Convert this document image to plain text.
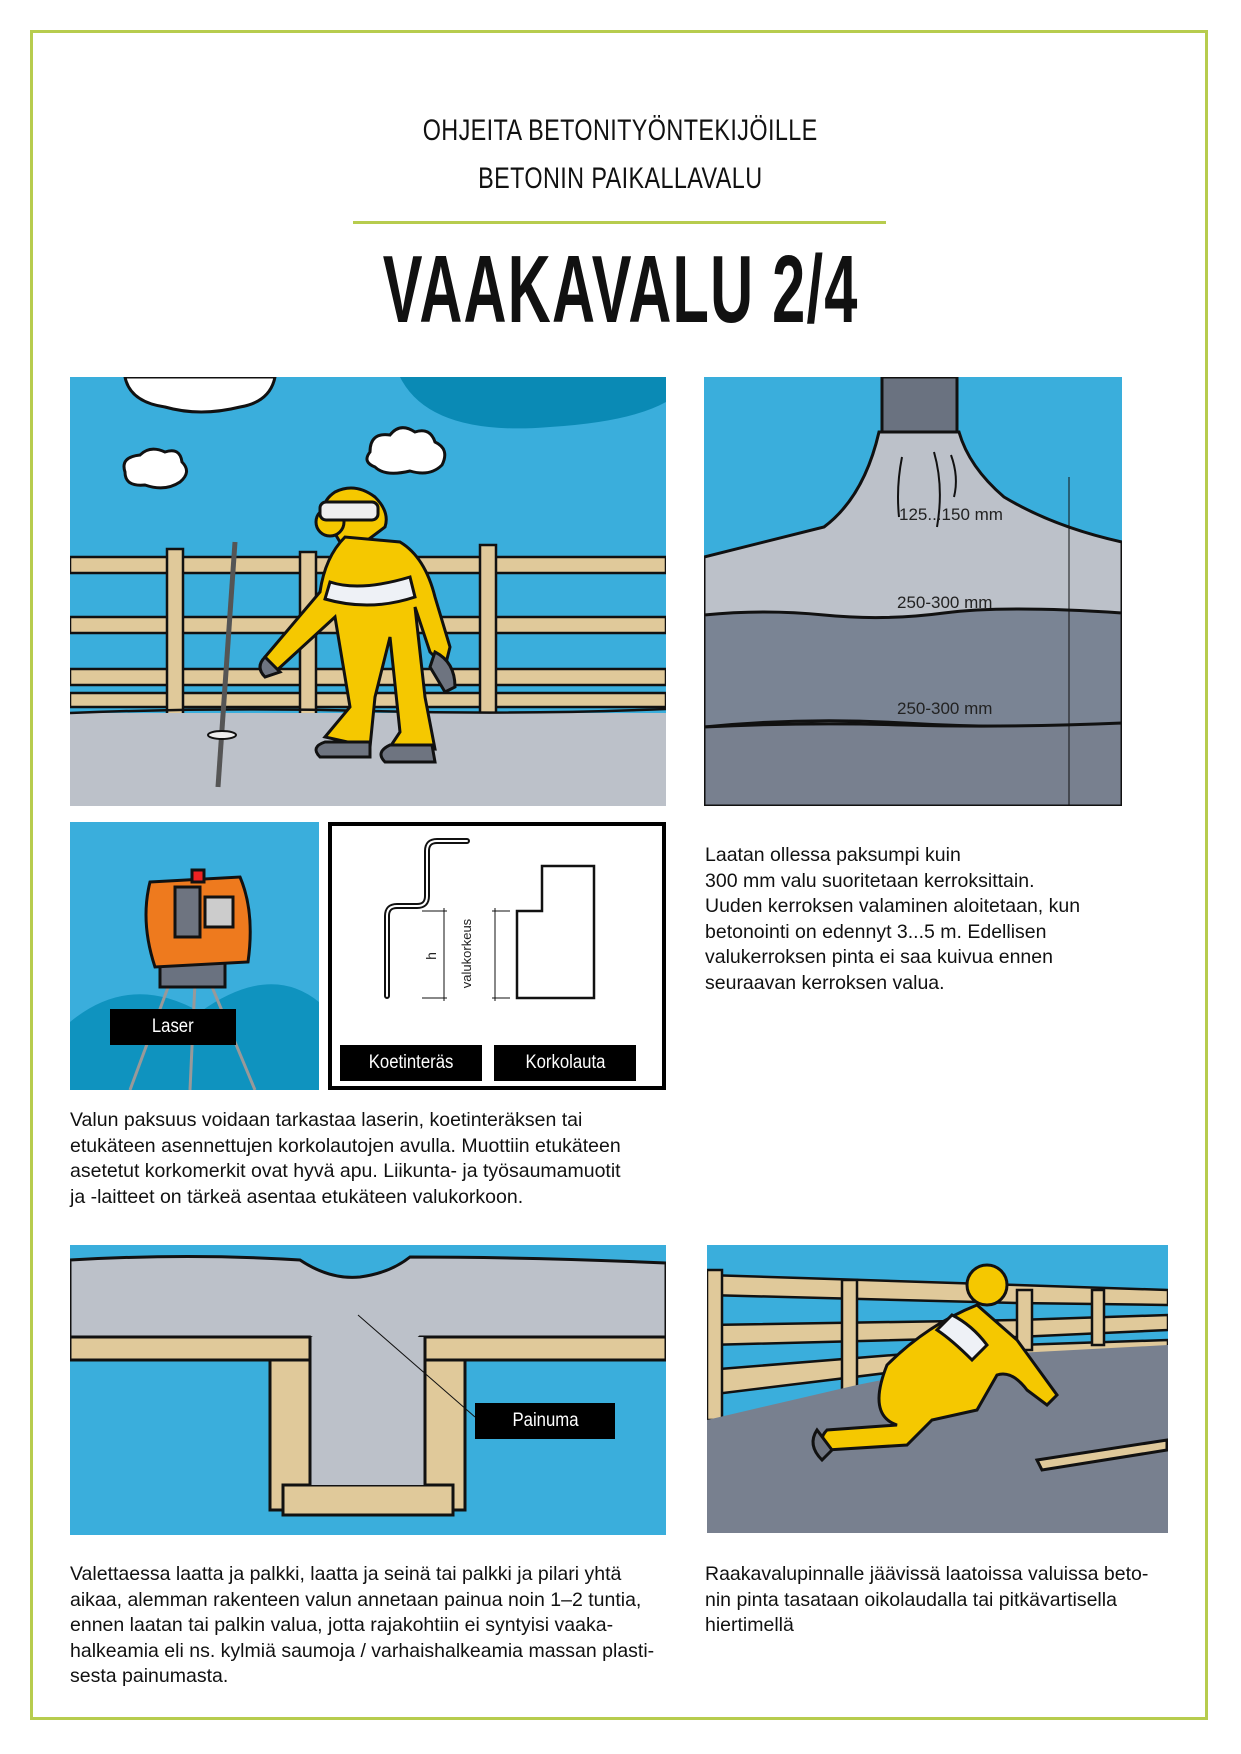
OHJEITA BETONITYÖNTEKIJÖILLE
BETONIN PAIKALLAVALU
VAAKAVALU 2/4
125...150 mm
250-300 mm
250-300 mm
Laser
h valukorkeus
Koetinteräs	Korkolauta
Laatan ollessa paksumpi kuin
300 mm valu suoritetaan kerroksittain.
Uuden kerroksen valaminen aloitetaan, kun
betonointi on edennyt 3...5 m. Edellisen
valukerroksen pinta ei saa kuivua ennen
seuraavan kerroksen valua.
Valun paksuus voidaan tarkastaa laserin, koetinteräksen tai
etukäteen asennettujen korkolautojen avulla. Muottiin etukäteen
asetetut korkomerkit ovat hyvä apu. Liikunta- ja työsaumamuotit
ja -laitteet on tärkeä asentaa etukäteen valukorkoon.
Painuma
Valettaessa laatta ja palkki, laatta ja seinä tai palkki ja pilari yhtä
aikaa, alemman rakenteen valun annetaan painua noin 1–2 tuntia,
ennen laatan tai palkin valua, jotta rajakohtiin ei syntyisi vaaka-
halkeamia eli ns. kylmiä saumoja / varhaishalkeamia massan plasti-
sesta painumasta.
Raakavalupinnalle jäävissä laatoissa valuissa beto-
nin pinta tasataan oikolaudalla tai pitkävartisella
hiertimellä
